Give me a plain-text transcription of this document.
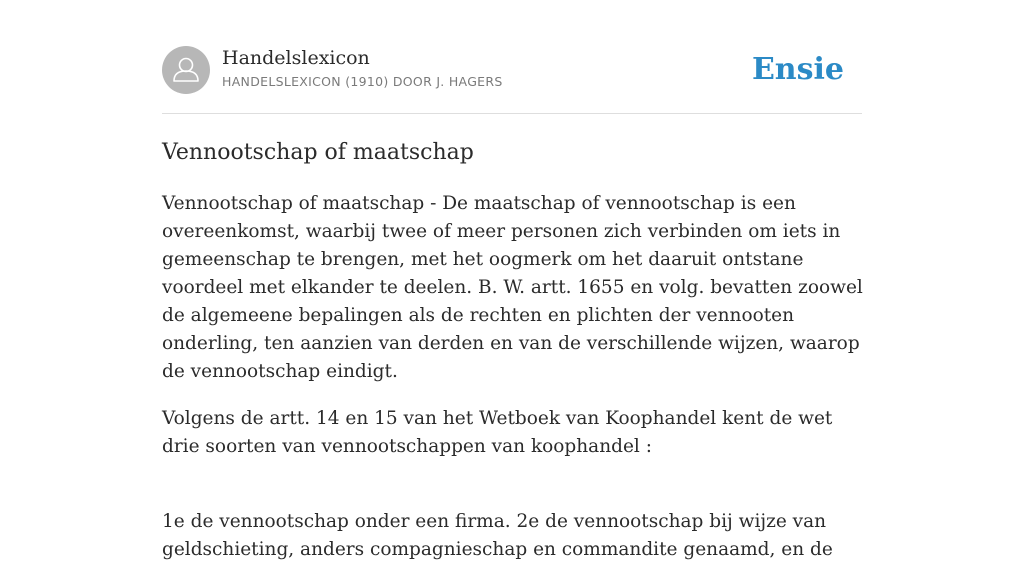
Handelslexicon
HANDELSLEXICON (1910) DOOR J. HAGERS	Ensie
Vennootschap of maatschap

Vennootschap of maatschap - De maatschap of vennootschap is een overeenkomst, waarbij twee of meer personen zich verbinden om iets in gemeenschap te brengen, met het oogmerk om het daaruit ontstane voordeel met elkander te deelen. B. W. artt. 1655 en volg. bevatten zoowel de algemeene bepalingen als de rechten en plichten der vennooten onderling, ten aanzien van derden en van de verschillende wijzen, waarop de vennootschap eindigt.

Volgens de artt. 14 en 15 van het Wetboek van Koophandel kent de wet drie soorten van vennootschappen van koophandel :

1e de vennootschap onder een firma. 2e de vennootschap bij wijze van geldschieting, anders compagnieschap en commandite genaamd, en de
